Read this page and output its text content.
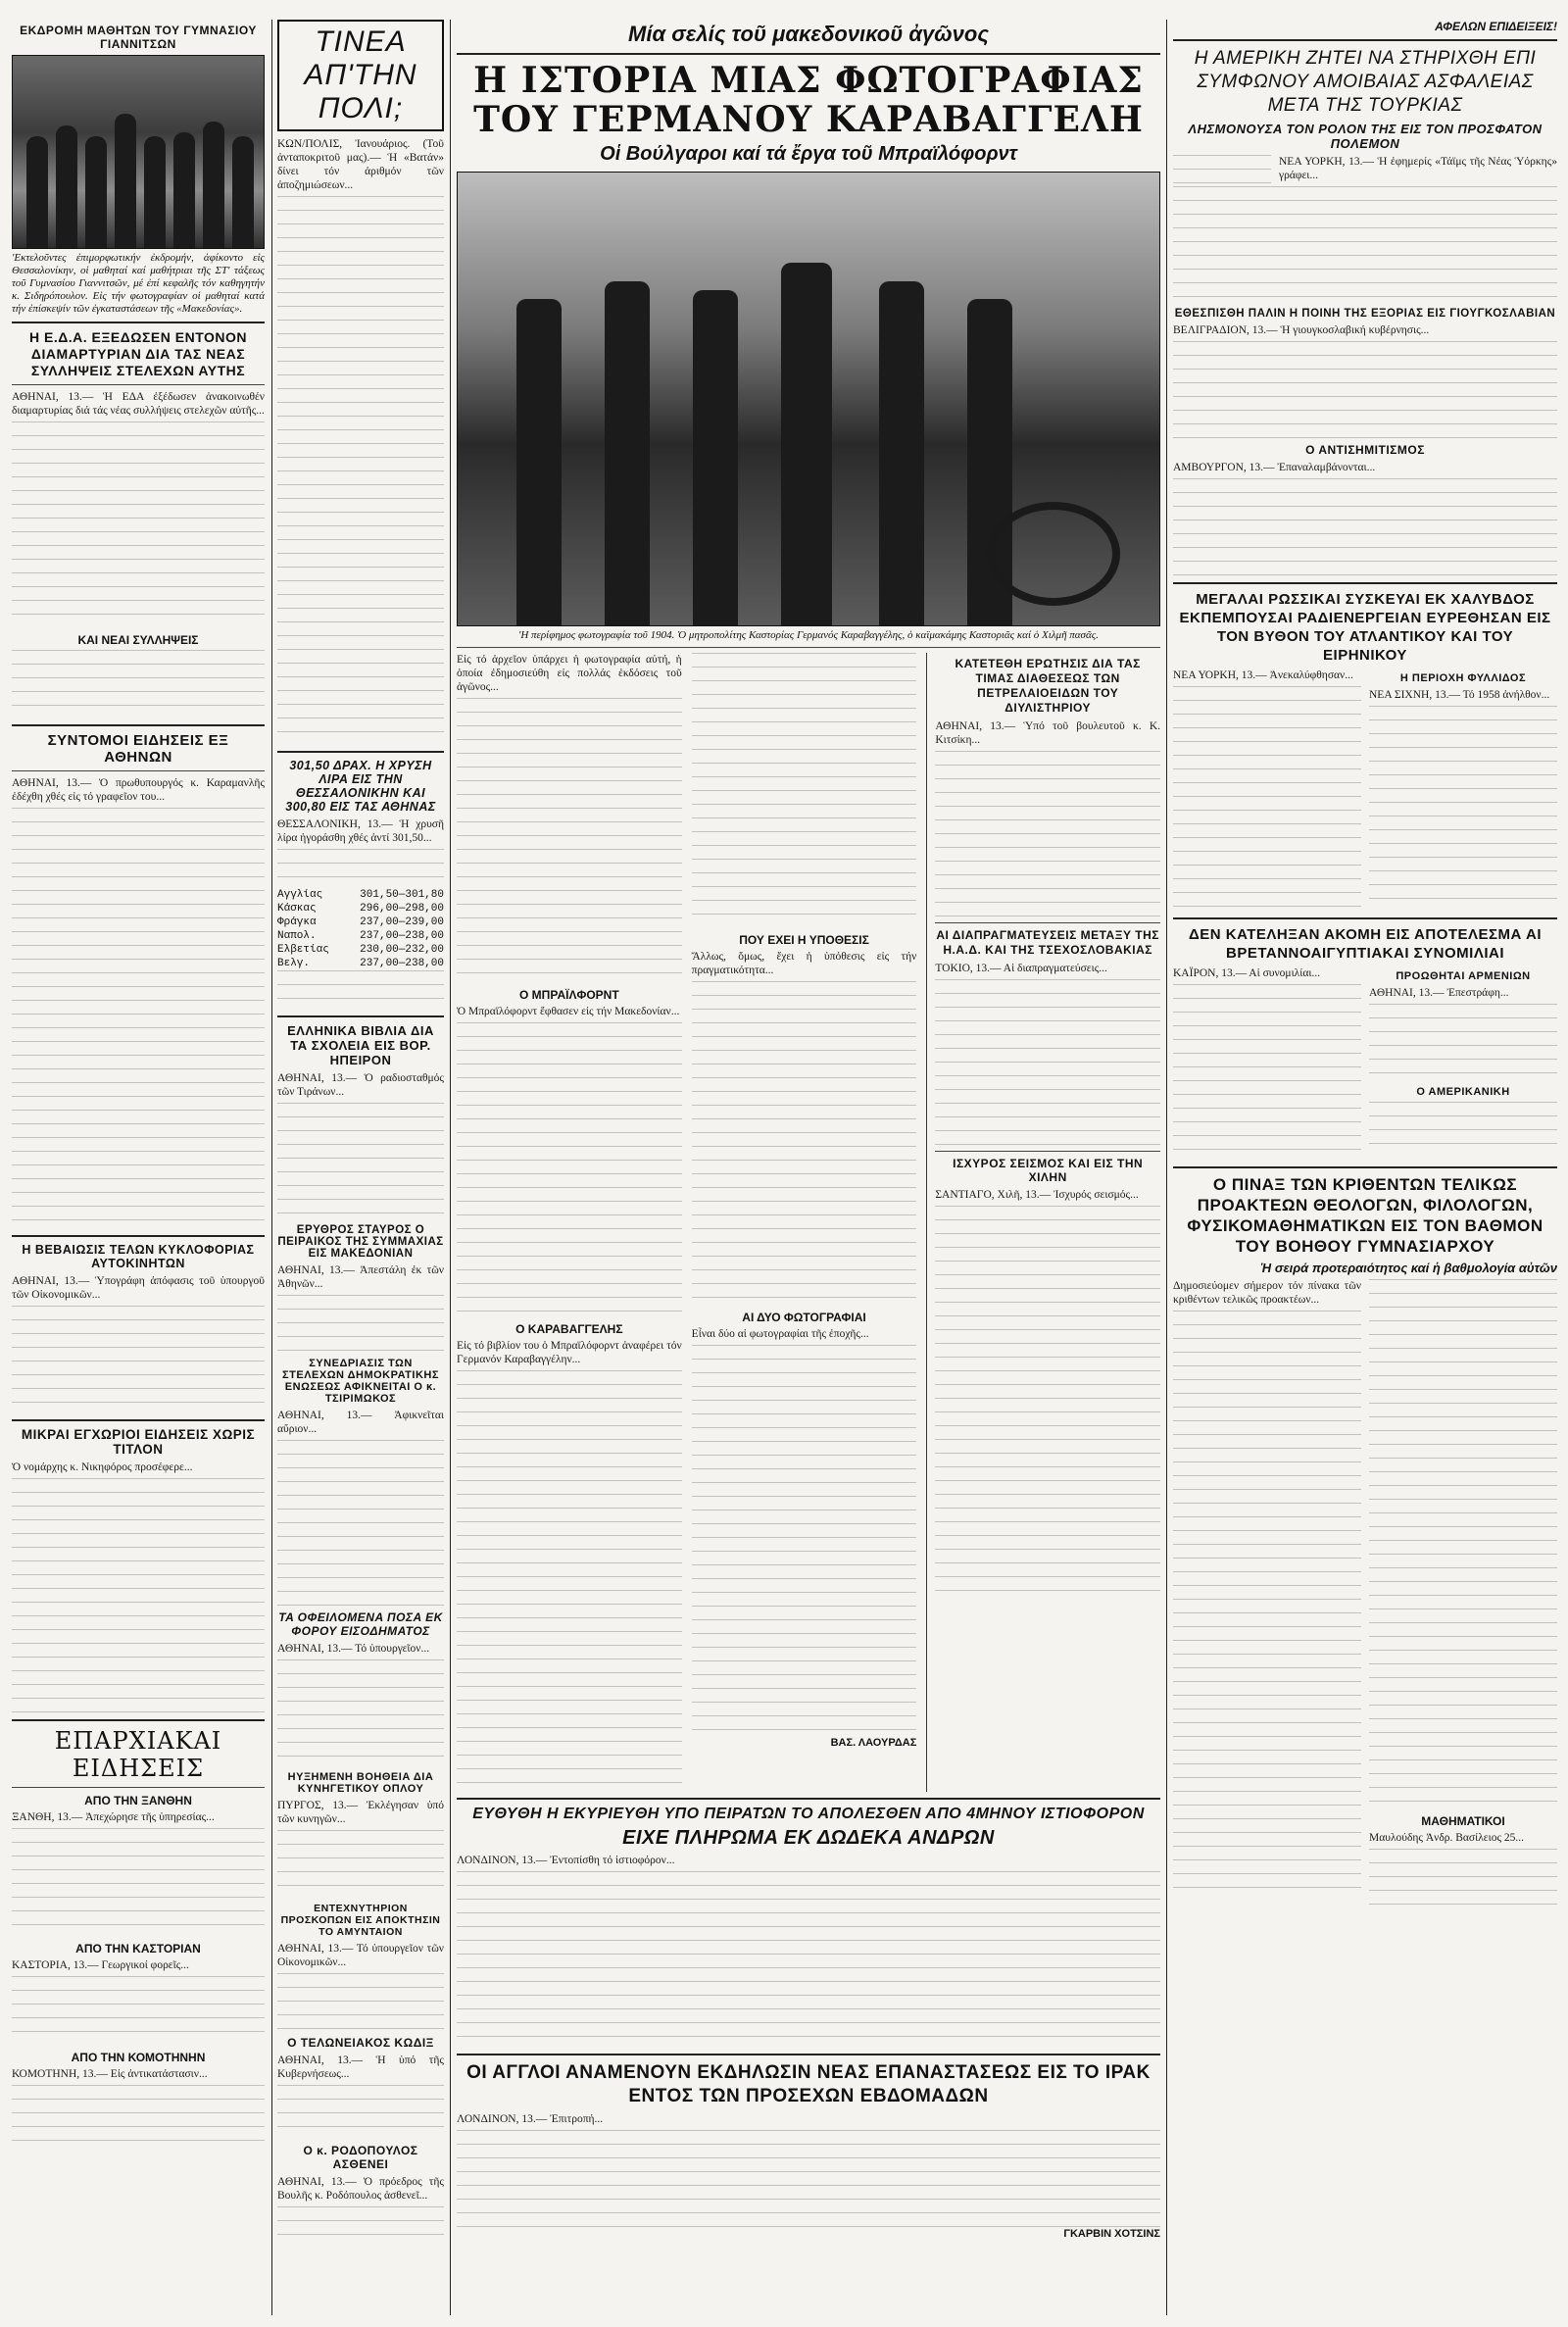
ΕΚΔΡΟΜΗ ΜΑΘΗΤΩΝ ΤΟΥ ΓΥΜΝΑΣΙΟΥ ΓΙΑΝΝΙΤΣΩΝ
'Εκτελοῦντες ἐπιμορφωτικήν ἐκδρομήν, ἀφίκοντο εἰς Θεσσαλονίκην, οἱ μαθηταί καί μαθήτριαι τῆς ΣΤ' τάξεως τοῦ Γυμνασίου Γιαννιτσῶν, μέ ἐπί κεφαλῆς τόν καθηγητήν κ. Σιδηρόπουλον. Εἰς τήν φωτογραφίαν οἱ μαθηταί κατά τήν ἐπίσκεψίν τῶν ἐγκαταστάσεων τῆς «Μακεδονίας».
Η Ε.Δ.Α. ΕΞΕΔΩΣΕΝ ΕΝΤΟΝΟΝ ΔΙΑΜΑΡΤΥΡΙΑΝ ΔΙΑ ΤΑΣ ΝΕΑΣ ΣΥΛΛΗΨΕΙΣ ΣΤΕΛΕΧΩΝ ΑΥΤΗΣ

ΑΘΗΝΑΙ, 13.— Ἡ ΕΔΑ ἐξέδωσεν ἀνακοινωθέν διαμαρτυρίας διά τάς νέας συλλήψεις στελεχῶν αὐτῆς...

ΚΑΙ ΝΕΑΙ ΣΥΛΛΗΨΕΙΣ
ΣΥΝΤΟΜΟΙ ΕΙΔΗΣΕΙΣ ΕΞ ΑΘΗΝΩΝ

ΑΘΗΝΑΙ, 13.— Ὁ πρωθυπουργός κ. Καραμανλῆς ἐδέχθη χθές εἰς τό γραφεῖον του...

Η ΒΕΒΑΙΩΣΙΣ ΤΕΛΩΝ ΚΥΚΛΟΦΟΡΙΑΣ ΑΥΤΟΚΙΝΗΤΩΝ

ΑΘΗΝΑΙ, 13.— Ὑπογράφη ἀπόφασις τοῦ ὑπουργοῦ τῶν Οἰκονομικῶν...

ΜΙΚΡΑΙ ΕΓΧΩΡΙΟΙ ΕΙΔΗΣΕΙΣ ΧΩΡΙΣ ΤΙΤΛΟΝ

Ὁ νομάρχης κ. Νικηφόρος προσέφερε...

ΕΠΑΡΧΙΑΚΑΙ ΕΙΔΗΣΕΙΣ
ΑΠΟ ΤΗΝ ΞΑΝΘΗΝ

ΞΑΝΘΗ, 13.— Ἀπεχώρησε τῆς ὑπηρεσίας...

ΑΠΟ ΤΗΝ ΚΑΣΤΟΡΙΑΝ

ΚΑΣΤΟΡΙΑ, 13.— Γεωργικοί φορεῖς...

ΑΠΟ ΤΗΝ ΚΟΜΟΤΗΝΗΝ

ΚΟΜΟΤΗΝΗ, 13.— Εἰς ἀντικατάστασιν...

ΤΙΝΕΑ ΑΠ'ΤΗΝ ΠΟΛΙ;

ΚΩΝ/ΠΟΛΙΣ, Ἰανουάριος. (Τοῦ ἀνταποκριτοῦ μας).— Ἡ «Βατάν» δίνει τόν ἀριθμόν τῶν ἀποζημιώσεων...

301,50 ΔΡΑΧ. Η ΧΡΥΣΗ ΛΙΡΑ ΕΙΣ ΤΗΝ ΘΕΣΣΑΛΟΝΙΚΗΝ ΚΑΙ 300,80 ΕΙΣ ΤΑΣ ΑΘΗΝΑΣ

ΘΕΣΣΑΛΟΝΙΚΗ, 13.— Ἡ χρυσῆ λίρα ἠγοράσθη χθές ἀντί 301,50...

Αγγλίας	301,50—301,80
Κάσκας	296,00—298,00
Φράγκα	237,00—239,00
Ναπολ.	237,00—238,00
Ελβετίας	230,00—232,00
Βελγ.	237,00—238,00
ΕΛΛΗΝΙΚΑ ΒΙΒΛΙΑ ΔΙΑ ΤΑ ΣΧΟΛΕΙΑ ΕΙΣ ΒΟΡ. ΗΠΕΙΡΟΝ

ΑΘΗΝΑΙ, 13.— Ὁ ραδιοσταθμός τῶν Τιράνων...

ΕΡΥΘΡΟΣ ΣΤΑΥΡΟΣ Ο ΠΕΙΡΑΙΚΟΣ ΤΗΣ ΣΥΜΜΑΧΙΑΣ ΕΙΣ ΜΑΚΕΔΟΝΙΑΝ

ΑΘΗΝΑΙ, 13.— Ἀπεστάλη ἐκ τῶν Ἀθηνῶν...

ΣΥΝΕΔΡΙΑΣΙΣ ΤΩΝ ΣΤΕΛΕΧΩΝ ΔΗΜΟΚΡΑΤΙΚΗΣ ΕΝΩΣΕΩΣ ΑΦΙΚΝΕΙΤΑΙ Ο κ. ΤΣΙΡΙΜΩΚΟΣ

ΑΘΗΝΑΙ, 13.— Ἀφικνεῖται αὔριον...

ΤΑ ΟΦΕΙΛΟΜΕΝΑ ΠΟΣΑ ΕΚ ΦΟΡΟΥ ΕΙΣΟΔΗΜΑΤΟΣ

ΑΘΗΝΑΙ, 13.— Τό ὑπουργεῖον...

ΗΥΞΗΜΕΝΗ ΒΟΗΘΕΙΑ ΔΙΑ ΚΥΝΗΓΕΤΙΚΟΥ ΟΠΛΟΥ

ΠΥΡΓΟΣ, 13.— Ἐκλέγησαν ὑπό τῶν κυνηγῶν...

ΕΝΤΕΧΝΥΤΗΡΙΟΝ ΠΡΟΣΚΟΠΩΝ ΕΙΣ ΑΠΟΚΤΗΣΙΝ ΤΟ ΑΜΥΝΤΑΙΟΝ

ΑΘΗΝΑΙ, 13.— Τό ὑπουργεῖον τῶν Οἰκονομικῶν...

Ο ΤΕΛΩΝΕΙΑΚΟΣ ΚΩΔΙΞ

ΑΘΗΝΑΙ, 13.— Ἡ ὑπό τῆς Κυβερνήσεως...

Ο κ. ΡΟΔΟΠΟΥΛΟΣ ΑΣΘΕΝΕΙ

ΑΘΗΝΑΙ, 13.— Ὁ πρόεδρος τῆς Βουλῆς κ. Ροδόπουλος ἀσθενεῖ...

Μία σελίς τοῦ μακεδονικοῦ ἀγῶνος
Η ΙΣΤΟΡΙΑ ΜΙΑΣ ΦΩΤΟΓΡΑΦΙΑΣ ΤΟΥ ΓΕΡΜΑΝΟΥ ΚΑΡΑΒΑΓΓΕΛΗ
Οἱ Βούλγαροι καί τά ἔργα τοῦ Μπραϊλόφορντ
'Η περίφημος φωτογραφία τοῦ 1904. Ὁ μητροπολίτης Καστορίας Γερμανός Καραβαγγέλης, ὁ καϊμακάμης Καστοριᾶς καί ὁ Χιλμῆ πασᾶς.

Εἰς τό ἀρχεῖον ὑπάρχει ἡ φωτογραφία αὐτή, ἡ ὁποία ἐδημοσιεύθη εἰς πολλάς ἐκδόσεις τοῦ ἀγῶνος...

Ο ΜΠΡΑΪΛΦΟΡΝΤ

Ὁ Μπραϊλόφορντ ἔφθασεν εἰς τήν Μακεδονίαν...

Ο ΚΑΡΑΒΑΓΓΕΛΗΣ

Εἰς τό βιβλίον του ὁ Μπραϊλόφορντ ἀναφέρει τόν Γερμανόν Καραβαγγέλην...

ΠΟΥ ΕΧΕΙ Η ΥΠΟΘΕΣΙΣ

Ἄλλως, ὅμως, ἔχει ἡ ὑπόθεσις εἰς τήν πραγματικότητα...

ΑΙ ΔΥΟ ΦΩΤΟΓΡΑΦΙΑΙ

Εἶναι δύο αἱ φωτογραφίαι τῆς ἐποχῆς...

ΒΑΣ. ΛΑΟΥΡΔΑΣ
ΚΑΤΕΤΕΘΗ ΕΡΩΤΗΣΙΣ ΔΙΑ ΤΑΣ ΤΙΜΑΣ ΔΙΑΘΕΣΕΩΣ ΤΩΝ ΠΕΤΡΕΛΑΙΟΕΙΔΩΝ ΤΟΥ ΔΙΥΛΙΣΤΗΡΙΟΥ

ΑΘΗΝΑΙ, 13.— Ὑπό τοῦ βουλευτοῦ κ. Κ. Κιτσίκη...

ΑΙ ΔΙΑΠΡΑΓΜΑΤΕΥΣΕΙΣ ΜΕΤΑΞΥ ΤΗΣ Η.Α.Δ. ΚΑΙ ΤΗΣ ΤΣΕΧΟΣΛΟΒΑΚΙΑΣ

ΤΟΚΙΟ, 13.— Αἱ διαπραγματεύσεις...

ΙΣΧΥΡΟΣ ΣΕΙΣΜΟΣ ΚΑΙ ΕΙΣ ΤΗΝ ΧΙΛΗΝ

ΣΑΝΤΙΑΓΟ, Χιλῆ, 13.— Ἰσχυρός σεισμός...

ΕΥΘΥΘΗ Η ΕΚΥΡΙΕΥΘΗ ΥΠΟ ΠΕΙΡΑΤΩΝ ΤΟ ΑΠΟΛΕΣΘΕΝ ΑΠΟ 4ΜΗΝΟΥ ΙΣΤΙΟΦΟΡΟΝ
ΕΙΧΕ ΠΛΗΡΩΜΑ ΕΚ ΔΩΔΕΚΑ ΑΝΔΡΩΝ

ΛΟΝΔΙΝΟΝ, 13.— Ἐντοπίσθη τό ἱστιοφόρον...

ΟΙ ΑΓΓΛΟΙ ΑΝΑΜΕΝΟΥΝ ΕΚΔΗΛΩΣΙΝ ΝΕΑΣ ΕΠΑΝΑΣΤΑΣΕΩΣ ΕΙΣ ΤΟ ΙΡΑΚ ΕΝΤΟΣ ΤΩΝ ΠΡΟΣΕΧΩΝ ΕΒΔΟΜΑΔΩΝ

ΛΟΝΔΙΝΟΝ, 13.— Ἐπιτροπή...

ΓΚΑΡΒΙΝ ΧΟΤΣΙΝΣ
ΑΦΕΛΩΝ ΕΠΙΔΕΙΞΕΙΣ!
Η ΑΜΕΡΙΚΗ ΖΗΤΕΙ ΝΑ ΣΤΗΡΙΧΘΗ ΕΠΙ ΣΥΜΦΩΝΟΥ ΑΜΟΙΒΑΙΑΣ ΑΣΦΑΛΕΙΑΣ ΜΕΤΑ ΤΗΣ ΤΟΥΡΚΙΑΣ
ΛΗΣΜΟΝΟΥΣΑ ΤΟΝ ΡΟΛΟΝ ΤΗΣ ΕΙΣ ΤΟΝ ΠΡΟΣΦΑΤΟΝ ΠΟΛΕΜΟΝ

ΝΕΑ ΥΟΡΚΗ, 13.— Ἡ ἐφημερίς «Τάϊμς τῆς Νέας Ὑόρκης» γράφει...

ΕΘΕΣΠΙΣΘΗ ΠΑΛΙΝ Η ΠΟΙΝΗ ΤΗΣ ΕΞΟΡΙΑΣ ΕΙΣ ΓΙΟΥΓΚΟΣΛΑΒΙΑΝ

ΒΕΛΙΓΡΑΔΙΟΝ, 13.— Ἡ γιουγκοσλαβική κυβέρνησις...

Ο ΑΝΤΙΣΗΜΙΤΙΣΜΟΣ

ΑΜΒΟΥΡΓΟΝ, 13.— Ἐπαναλαμβάνονται...

ΜΕΓΑΛΑΙ ΡΩΣΣΙΚΑΙ ΣΥΣΚΕΥΑΙ ΕΚ ΧΑΛΥΒΔΟΣ ΕΚΠΕΜΠΟΥΣΑΙ ΡΑΔΙΕΝΕΡΓΕΙΑΝ ΕΥΡΕΘΗΣΑΝ ΕΙΣ ΤΟΝ ΒΥΘΟΝ ΤΟΥ ΑΤΛΑΝΤΙΚΟΥ ΚΑΙ ΤΟΥ ΕΙΡΗΝΙΚΟΥ

ΝΕΑ ΥΟΡΚΗ, 13.— Ἀνεκαλύφθησαν...	Η ΠΕΡΙΟΧΗ ΦΥΛΛΙΔΟΣ

ΝΕΑ ΣΙΧΝΗ, 13.— Τό 1958 ἀνήλθον...

ΔΕΝ ΚΑΤΕΛΗΞΑΝ ΑΚΟΜΗ ΕΙΣ ΑΠΟΤΕΛΕΣΜΑ ΑΙ ΒΡΕΤΑΝΝΟΑΙΓΥΠΤΙΑΚΑΙ ΣΥΝΟΜΙΛΙΑΙ

ΚΑΪΡΟΝ, 13.— Αἱ συνομιλίαι...	ΠΡΟΩΘΗΤΑΙ ΑΡΜΕΝΙΩΝ

ΑΘΗΝΑΙ, 13.— Ἐπεστράφη...

Ο ΑΜΕΡΙΚΑΝΙΚΗ
Ο ΠΙΝΑΞ ΤΩΝ ΚΡΙΘΕΝΤΩΝ ΤΕΛΙΚΩΣ ΠΡΟΑΚΤΕΩΝ ΘΕΟΛΟΓΩΝ, ΦΙΛΟΛΟΓΩΝ, ΦΥΣΙΚΟΜΑΘΗΜΑΤΙΚΩΝ ΕΙΣ ΤΟΝ ΒΑΘΜΟΝ ΤΟΥ ΒΟΗΘΟΥ ΓΥΜΝΑΣΙΑΡΧΟΥ
Ἡ σειρά προτεραιότητος καί ἡ βαθμολογία αὐτῶν

Δημοσιεύομεν σήμερον τόν πίνακα τῶν κριθέντων τελικῶς προακτέων...

ΜΑΘΗΜΑΤΙΚΟΙ

Μαυλούδης Ἀνδρ. Βασίλειος 25...
